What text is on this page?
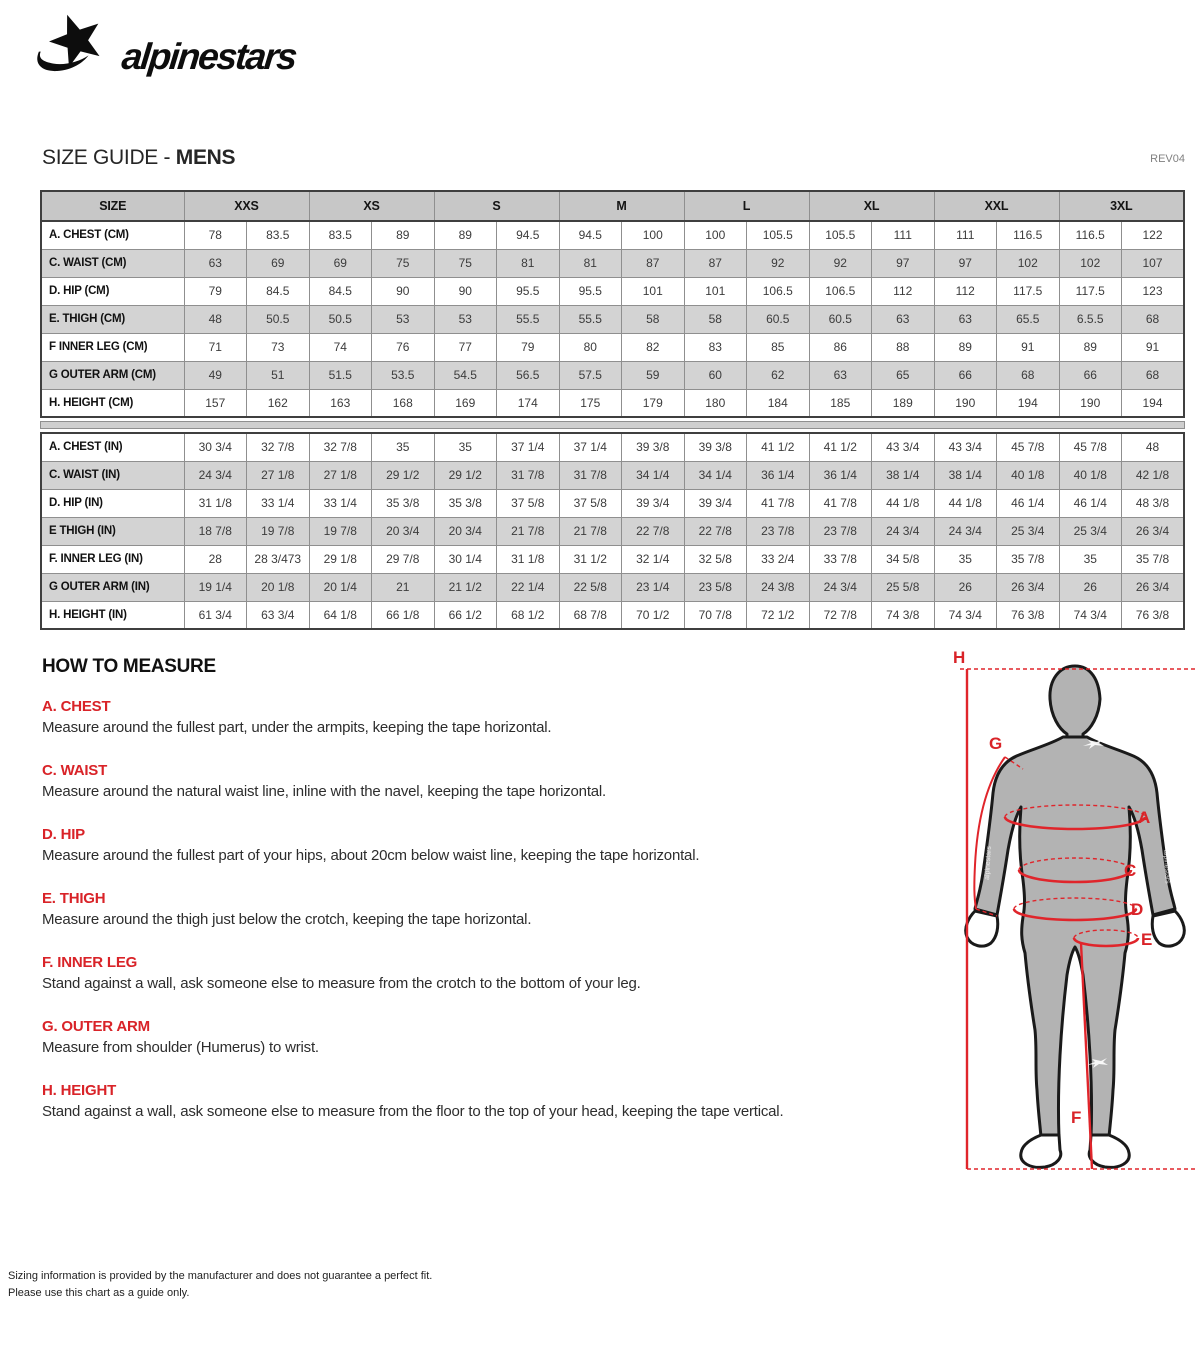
alpinestars
SIZE GUIDE - MENS	REV04
SIZE	XXS		XS		S		M		L		XL		XXL		3XL	
A. CHEST (CM)	78	83.5	83.5	89	89	94.5	94.5	100	100	105.5	105.5	111	111	116.5	116.5	122
C. WAIST (CM)	63	69	69	75	75	81	81	87	87	92	92	97	97	102	102	107
D. HIP (CM)	79	84.5	84.5	90	90	95.5	95.5	101	101	106.5	106.5	112	112	117.5	117.5	123
E. THIGH (CM)	48	50.5	50.5	53	53	55.5	55.5	58	58	60.5	60.5	63	63	65.5	6.5.5	68
F INNER LEG (CM)	71	73	74	76	77	79	80	82	83	85	86	88	89	91	89	91
G OUTER ARM (CM)	49	51	51.5	53.5	54.5	56.5	57.5	59	60	62	63	65	66	68	66	68
H. HEIGHT (CM)	157	162	163	168	169	174	175	179	180	184	185	189	190	194	190	194
A. CHEST (IN)	30 3/4	32 7/8	32 7/8	35	35	37 1/4	37 1/4	39 3/8	39 3/8	41 1/2	41 1/2	43 3/4	43 3/4	45 7/8	45 7/8	48
C. WAIST (IN)	24 3/4	27 1/8	27 1/8	29 1/2	29 1/2	31 7/8	31 7/8	34 1/4	34 1/4	36 1/4	36 1/4	38 1/4	38 1/4	40 1/8	40 1/8	42 1/8
D. HIP (IN)	31 1/8	33 1/4	33 1/4	35 3/8	35 3/8	37 5/8	37 5/8	39 3/4	39 3/4	41 7/8	41 7/8	44 1/8	44 1/8	46 1/4	46 1/4	48 3/8
E THIGH (IN)	18 7/8	19 7/8	19 7/8	20 3/4	20 3/4	21 7/8	21 7/8	22 7/8	22 7/8	23 7/8	23 7/8	24 3/4	24 3/4	25 3/4	25 3/4	26 3/4
F. INNER LEG (IN)	28	28 3/473	29 1/8	29 7/8	30 1/4	31 1/8	31 1/2	32 1/4	32 5/8	33 2/4	33 7/8	34 5/8	35	35 7/8	35	35 7/8
G OUTER ARM (IN)	19 1/4	20 1/8	20 1/4	21	21 1/2	22 1/4	22 5/8	23 1/4	23 5/8	24 3/8	24 3/4	25 5/8	26	26 3/4	26	26 3/4
H. HEIGHT (IN)	61 3/4	63 3/4	64 1/8	66 1/8	66 1/2	68 1/2	68 7/8	70 1/2	70 7/8	72 1/2	72 7/8	74 3/8	74 3/4	76 3/8	74 3/4	76 3/8
HOW TO MEASURE
A. CHEST

Measure around the fullest part, under the armpits, keeping the tape horizontal.

C. WAIST

Measure around the natural waist line, inline with the navel, keeping the tape horizontal.

D. HIP

Measure around the fullest part of your hips, about 20cm below waist line, keeping the tape horizontal.

E. THIGH

Measure around the thigh just below the crotch, keeping the tape horizontal.

F. INNER LEG

Stand against a wall, ask someone else to measure from the crotch to the bottom of your leg.

G. OUTER ARM

Measure from shoulder (Humerus) to wrist.

H. HEIGHT

Stand against a wall, ask someone else to measure from the floor to the top of your head, keeping the tape vertical.

alpinestars	alpinestars
H
G
A
C
D
E
F
Sizing information is provided by the manufacturer and does not guarantee a perfect fit.
Please use this chart as a guide only.
